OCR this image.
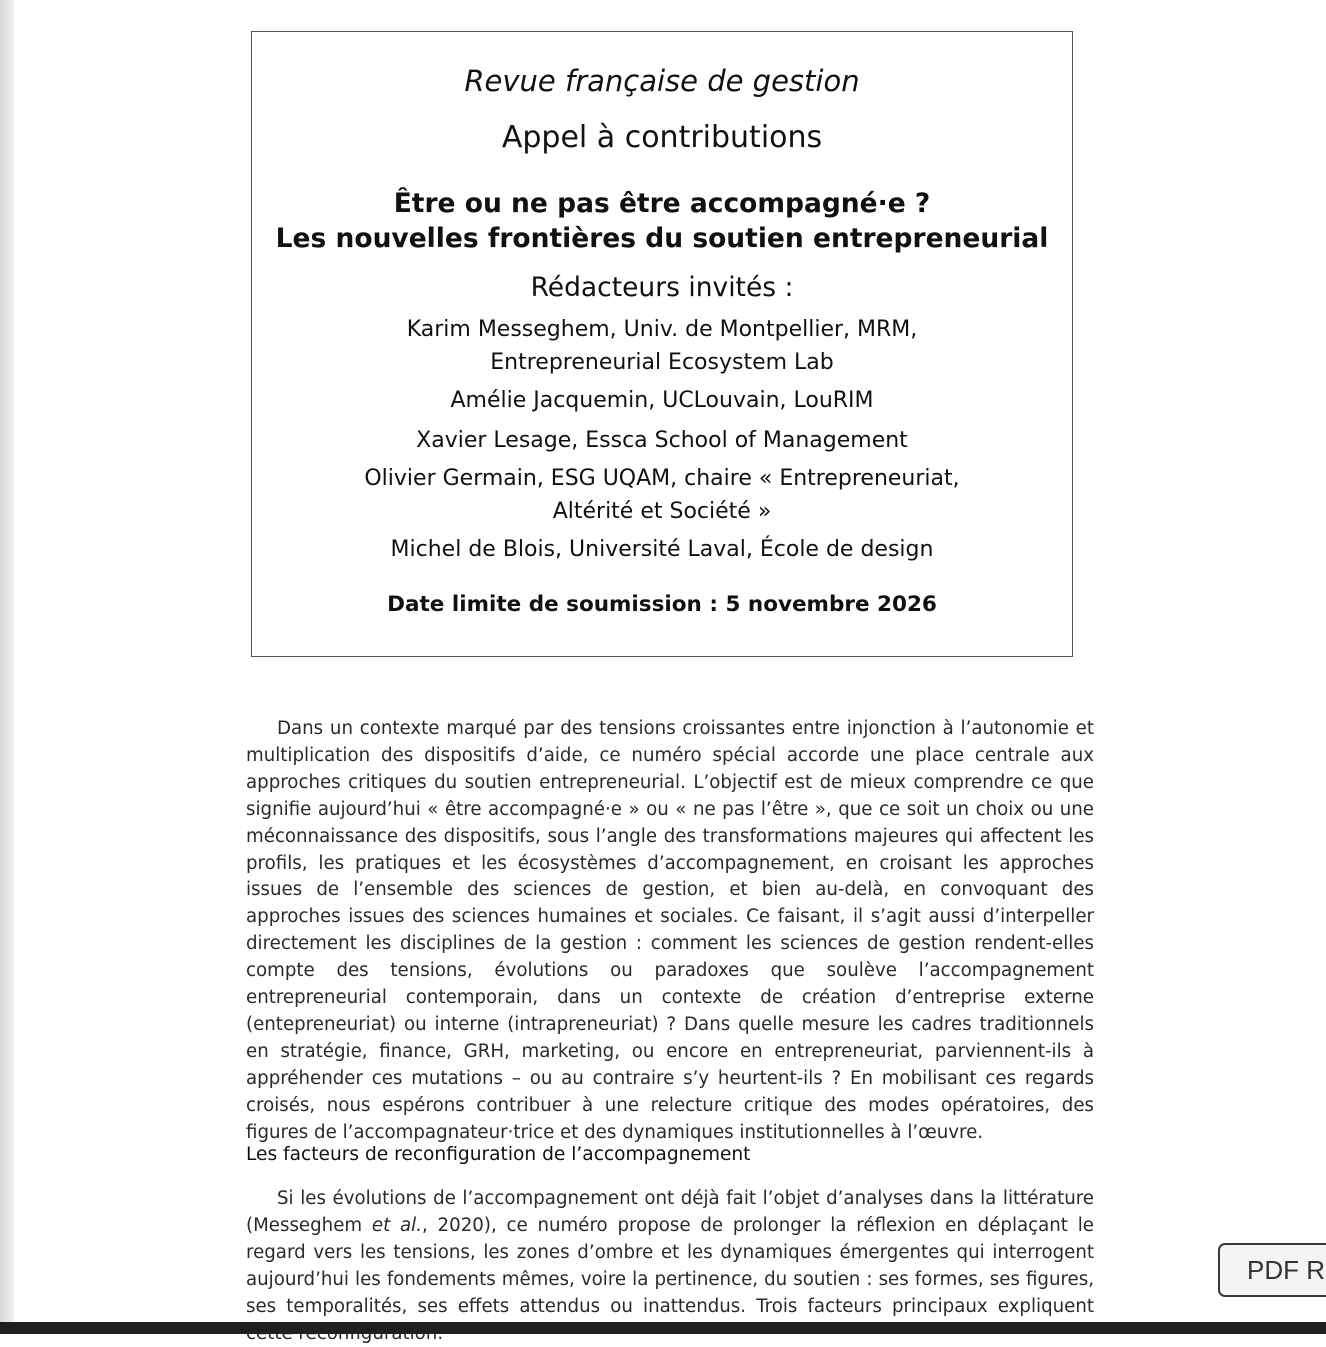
Revue française de gestion
Appel à contributions
Être ou ne pas être accompagné·e ?
Les nouvelles frontières du soutien entrepreneurial
Rédacteurs invités :
Karim Messeghem, Univ. de Montpellier, MRM,
Entrepreneurial Ecosystem Lab
Amélie Jacquemin, UCLouvain, LouRIM
Xavier Lesage, Essca School of Management
Olivier Germain, ESG UQAM, chaire « Entrepreneuriat,
Altérité et Société »
Michel de Blois, Université Laval, École de design
Date limite de soumission : 5 novembre 2026

Dans un contexte marqué par des tensions croissantes entre injonction à l’autonomie et multiplication des dispositifs d’aide, ce numéro spécial accorde une place centrale aux approches critiques du soutien entrepreneurial. L’objectif est de mieux comprendre ce que signifie aujourd’hui « être accompagné·e » ou « ne pas l’être », que ce soit un choix ou une méconnaissance des dispositifs, sous l’angle des transformations majeures qui affectent les profils, les pratiques et les écosystèmes d’accompagnement, en croisant les approches issues de l’ensemble des sciences de gestion, et bien au-delà, en convoquant des approches issues des sciences humaines et sociales. Ce faisant, il s’agit aussi d’interpeller directement les disciplines de la gestion : comment les sciences de gestion rendent-elles compte des tensions, évolutions ou paradoxes que soulève l’accompagnement entrepreneurial contemporain, dans un contexte de création d’entreprise externe (entepreneuriat) ou interne (intrapreneuriat) ? Dans quelle mesure les cadres traditionnels en stratégie, finance, GRH, marketing, ou encore en entrepreneuriat, parviennent-ils à appréhender ces mutations – ou au contraire s’y heurtent-ils ? En mobilisant ces regards croisés, nous espérons contribuer à une relecture critique des modes opératoires, des figures de l’accompagnateur·trice et des dynamiques institutionnelles à l’œuvre.

Les facteurs de reconfiguration de l’accompagnement

Si les évolutions de l’accompagnement ont déjà fait l’objet d’analyses dans la littérature (Messeghem et al., 2020), ce numéro propose de prolonger la réflexion en déplaçant le regard vers les tensions, les zones d’ombre et les dynamiques émergentes qui interrogent aujourd’hui les fondements mêmes, voire la pertinence, du soutien : ses formes, ses figures, ses temporalités, ses effets attendus ou inattendus. Trois facteurs principaux expliquent

PDF R
